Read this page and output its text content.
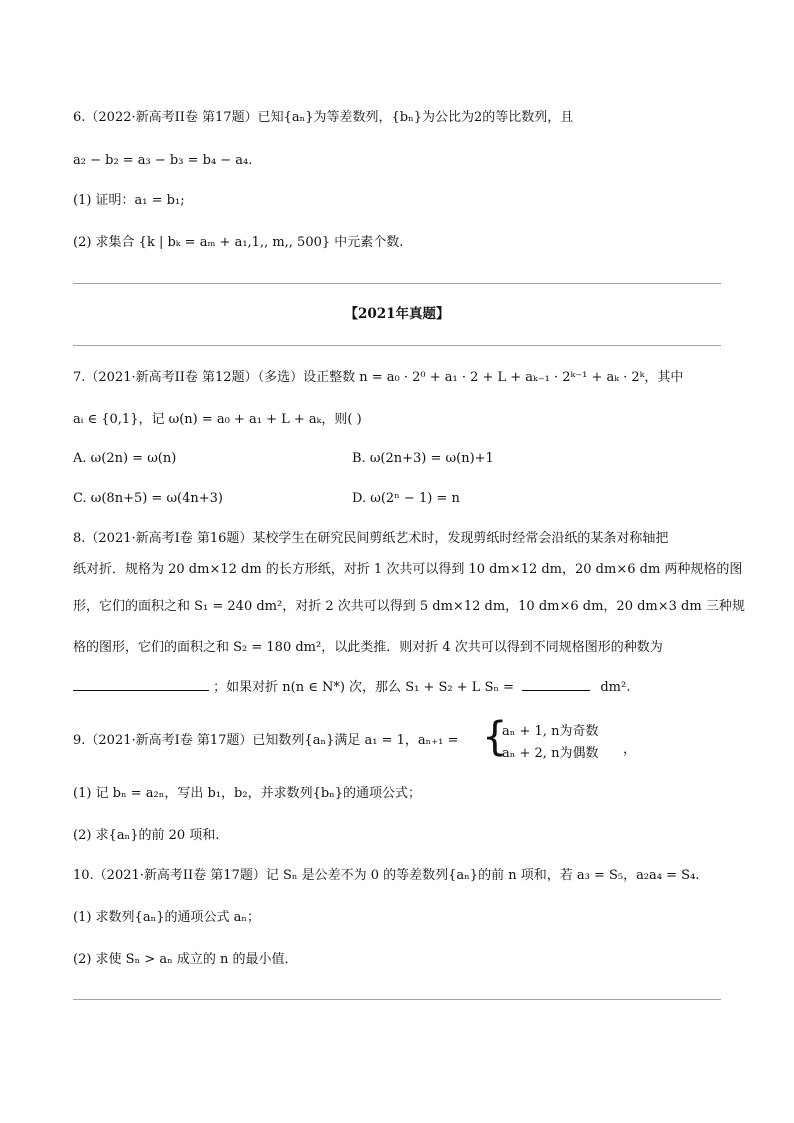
6.（2022·新高考II卷 第17题）已知{aₙ}为等差数列，{bₙ}为公比为2的等比数列，且
a₂ − b₂ = a₃ − b₃ = b₄ − a₄.
(1) 证明：a₁ = b₁;
(2) 求集合 {k | bₖ = aₘ + a₁,1,, m,, 500} 中元素个数.
【2021年真题】
7.（2021·新高考II卷 第12题）（多选）设正整数 n = a₀ · 2⁰ + a₁ · 2 + L + aₖ₋₁ · 2ᵏ⁻¹ + aₖ · 2ᵏ，其中
aᵢ ∈ {0,1}，记 ω(n) = a₀ + a₁ + L + aₖ，则( )
A. ω(2n) = ω(n)	B. ω(2n+3) = ω(n)+1
C. ω(8n+5) = ω(4n+3)	D. ω(2ⁿ − 1) = n
8.（2021·新高考I卷 第16题）某校学生在研究民间剪纸艺术时，发现剪纸时经常会沿纸的某条对称轴把
纸对折．规格为 20 dm×12 dm 的长方形纸，对折 1 次共可以得到 10 dm×12 dm，20 dm×6 dm 两种规格的图
形，它们的面积之和 S₁ = 240 dm²，对折 2 次共可以得到 5 dm×12 dm，10 dm×6 dm，20 dm×3 dm 三种规
格的图形，它们的面积之和 S₂ = 180 dm²，以此类推．则对折 4 次共可以得到不同规格图形的种数为
；如果对折 n(n ∈ N*) 次，那么 S₁ + S₂ + L Sₙ =	dm².
9.（2021·新高考I卷 第17题）已知数列{aₙ}满足 a₁ = 1，aₙ₊₁ = {
aₙ + 1, n为奇数
aₙ + 2, n为偶数 ，
(1) 记 bₙ = a₂ₙ，写出 b₁，b₂，并求数列{bₙ}的通项公式；
(2) 求{aₙ}的前 20 项和.
10.（2021·新高考II卷 第17题）记 Sₙ 是公差不为 0 的等差数列{aₙ}的前 n 项和，若 a₃ = S₅，a₂a₄ = S₄.
(1) 求数列{aₙ}的通项公式 aₙ；
(2) 求使 Sₙ > aₙ 成立的 n 的最小值．
